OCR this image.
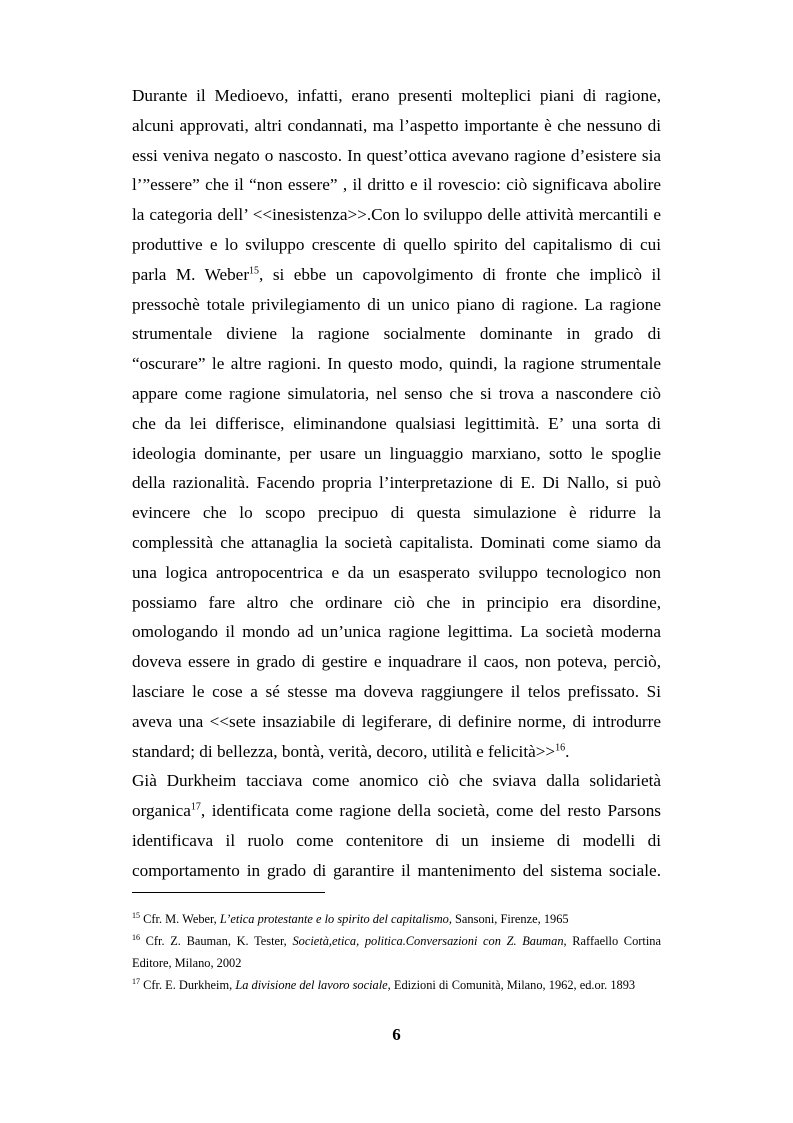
Durante il Medioevo, infatti, erano presenti molteplici piani di ragione,
alcuni approvati, altri condannati, ma l’aspetto importante è che nessuno di
essi veniva negato o nascosto. In quest’ottica avevano ragione d’esistere sia
l’”essere” che il “non essere” , il dritto e il rovescio: ciò significava abolire
la categoria dell’ <<inesistenza>>.Con lo sviluppo delle attività mercantili e
produttive e lo sviluppo crescente di quello spirito del capitalismo di cui
parla M. Weber$^{15}$, si ebbe un capovolgimento di fronte che implicò il
pressochè totale privilegiamento di un unico piano di ragione. La ragione
strumentale diviene la ragione socialmente dominante in grado di
“oscurare” le altre ragioni. In questo modo, quindi, la ragione strumentale
appare come ragione simulatoria, nel senso che si trova a nascondere ciò
che da lei differisce, eliminandone qualsiasi legittimità. E’ una sorta di
ideologia dominante, per usare un linguaggio marxiano, sotto le spoglie
della razionalità. Facendo propria l’interpretazione di E. Di Nallo, si può
evincere che lo scopo precipuo di questa simulazione è ridurre la
complessità che attanaglia la società capitalista. Dominati come siamo da
una logica antropocentrica e da un esasperato sviluppo tecnologico non
possiamo fare altro che ordinare ciò che in principio era disordine,
omologando il mondo ad un’unica ragione legittima. La società moderna
doveva essere in grado di gestire e inquadrare il caos, non poteva, perciò,
lasciare le cose a sé stesse ma doveva raggiungere il telos prefissato. Si
aveva una <<sete insaziabile di legiferare, di definire norme, di introdurre
standard; di bellezza, bontà, verità, decoro, utilità e felicità>>$^{16}$.
Già Durkheim tacciava come anomico ciò che sviava dalla solidarietà
organica$^{17}$, identificata come ragione della società, come del resto Parsons
identificava il ruolo come contenitore di un insieme di modelli di
comportamento in grado di garantire il mantenimento del sistema sociale.
$^{15}$ Cfr. M. Weber, L’etica protestante e lo spirito del capitalismo, Sansoni, Firenze, 1965
$^{16}$ Cfr. Z. Bauman, K. Tester, Società,etica, politica.Conversazioni con Z. Bauman, Raffaello Cortina Editore, Milano, 2002
$^{17}$ Cfr. E. Durkheim, La divisione del lavoro sociale, Edizioni di Comunità, Milano, 1962, ed.or. 1893
6
